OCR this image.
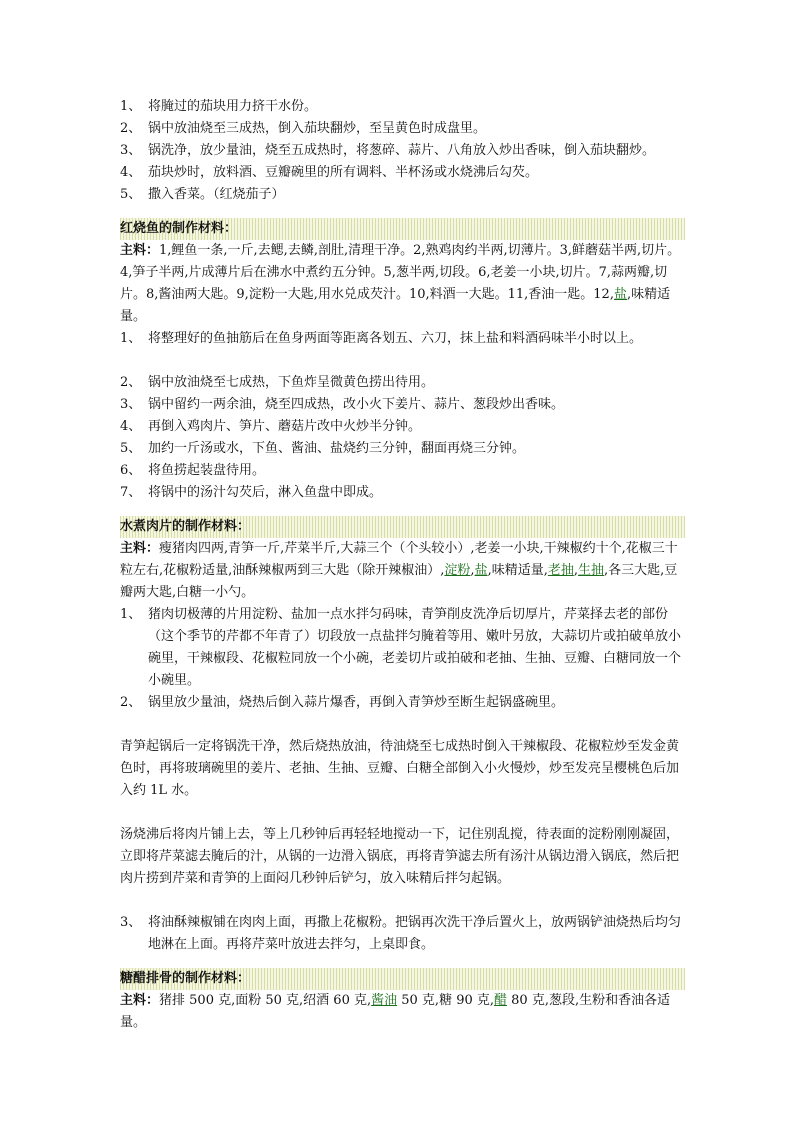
1、 将腌过的茄块用力挤干水份。
2、 锅中放油烧至三成热，倒入茄块翻炒，至呈黄色时成盘里。
3、 锅洗净，放少量油，烧至五成热时，将葱碎、蒜片、八角放入炒出香味，倒入茄块翻炒。
4、 茄块炒时，放料酒、豆瓣碗里的所有调料、半杯汤或水烧沸后勾芡。
5、 撒入香菜。（红烧茄子）
红烧鱼的制作材料：
主料：1,鲤鱼一条,一斤,去鳃,去鳞,剖肚,清理干净。2,熟鸡肉约半两,切薄片。3,鲜蘑菇半两,切片。4,笋子半两,片成薄片后在沸水中煮约五分钟。5,葱半两,切段。6,老姜一小块,切片。7,蒜两瓣,切片。8,酱油两大匙。9,淀粉一大匙,用水兑成芡汁。10,料酒一大匙。11,香油一匙。12,盐,味精适量。
1、 将整理好的鱼抽筋后在鱼身两面等距离各划五、六刀，抹上盐和料酒码味半小时以上。
2、 锅中放油烧至七成热，下鱼炸呈微黄色捞出待用。
3、 锅中留约一两余油，烧至四成热，改小火下姜片、蒜片、葱段炒出香味。
4、 再倒入鸡肉片、笋片、蘑菇片改中火炒半分钟。
5、 加约一斤汤或水，下鱼、酱油、盐烧约三分钟，翻面再烧三分钟。
6、 将鱼捞起装盘待用。
7、 将锅中的汤汁勾芡后，淋入鱼盘中即成。
水煮肉片的制作材料：
主料：瘦猪肉四两,青笋一斤,芹菜半斤,大蒜三个（个头较小）,老姜一小块,干辣椒约十个,花椒三十粒左右,花椒粉适量,油酥辣椒两到三大匙（除开辣椒油）,淀粉,盐,味精适量,老抽,生抽,各三大匙,豆瓣两大匙,白糖一小勺。
1、 猪肉切极薄的片用淀粉、盐加一点水拌匀码味，青笋削皮洗净后切厚片，芹菜择去老的部份（这个季节的芹都不年青了）切段放一点盐拌匀腌着等用、嫩叶另放，大蒜切片或拍破单放小碗里，干辣椒段、花椒粒同放一个小碗，老姜切片或拍破和老抽、生抽、豆瓣、白糖同放一个小碗里。
2、 锅里放少量油，烧热后倒入蒜片爆香，再倒入青笋炒至断生起锅盛碗里。
青笋起锅后一定将锅洗干净，然后烧热放油，待油烧至七成热时倒入干辣椒段、花椒粒炒至发金黄色时，再将玻璃碗里的姜片、老抽、生抽、豆瓣、白糖全部倒入小火慢炒，炒至发亮呈樱桃色后加入约 1L 水。
汤烧沸后将肉片铺上去，等上几秒钟后再轻轻地搅动一下，记住别乱搅，待表面的淀粉刚刚凝固，立即将芹菜滤去腌后的汁，从锅的一边滑入锅底，再将青笋滤去所有汤汁从锅边滑入锅底，然后把肉片捞到芹菜和青笋的上面闷几秒钟后铲匀，放入味精后拌匀起锅。
3、 将油酥辣椒铺在肉肉上面，再撒上花椒粉。把锅再次洗干净后置火上，放两锅铲油烧热后均匀地淋在上面。再将芹菜叶放进去拌匀，上桌即食。
糖醋排骨的制作材料：
主料：猪排 500 克,面粉 50 克,绍酒 60 克,酱油 50 克,糖 90 克,醋 80 克,葱段,生粉和香油各适量。
